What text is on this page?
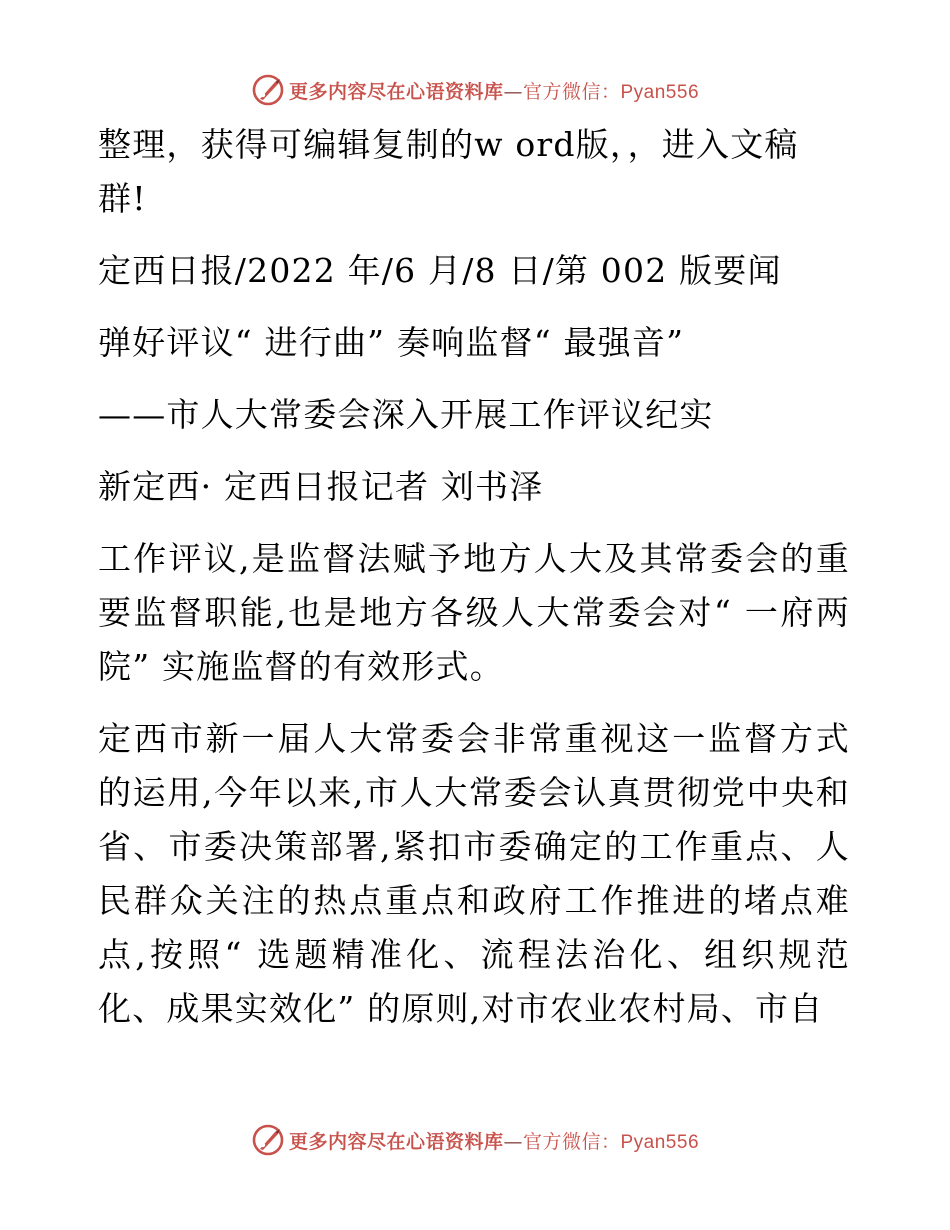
更多内容尽在心语资料库—官方微信：Pyan556
整理，获得可编辑复制的w ord版，，进入文稿
群!
定西日报/2022 年/6 月/8 日/第 002 版要闻
弹好评议“ 进行曲” 奏响监督“ 最强音”
——市人大常委会深入开展工作评议纪实
新定西· 定西日报记者 刘书泽

工作评议,是监督法赋予地方人大及其常委会的重要监督职能,也是地方各级人大常委会对“ 一府两院” 实施监督的有效形式。

定西市新一届人大常委会非常重视这一监督方式的运用,今年以来,市人大常委会认真贯彻党中央和省、市委决策部署,紧扣市委确定的工作重点、人民群众关注的热点重点和政府工作推进的堵点难点,按照“ 选题精准化、流程法治化、组织规范化、成果实效化” 的原则,对市农业农村局、市自

更多内容尽在心语资料库—官方微信：Pyan556
